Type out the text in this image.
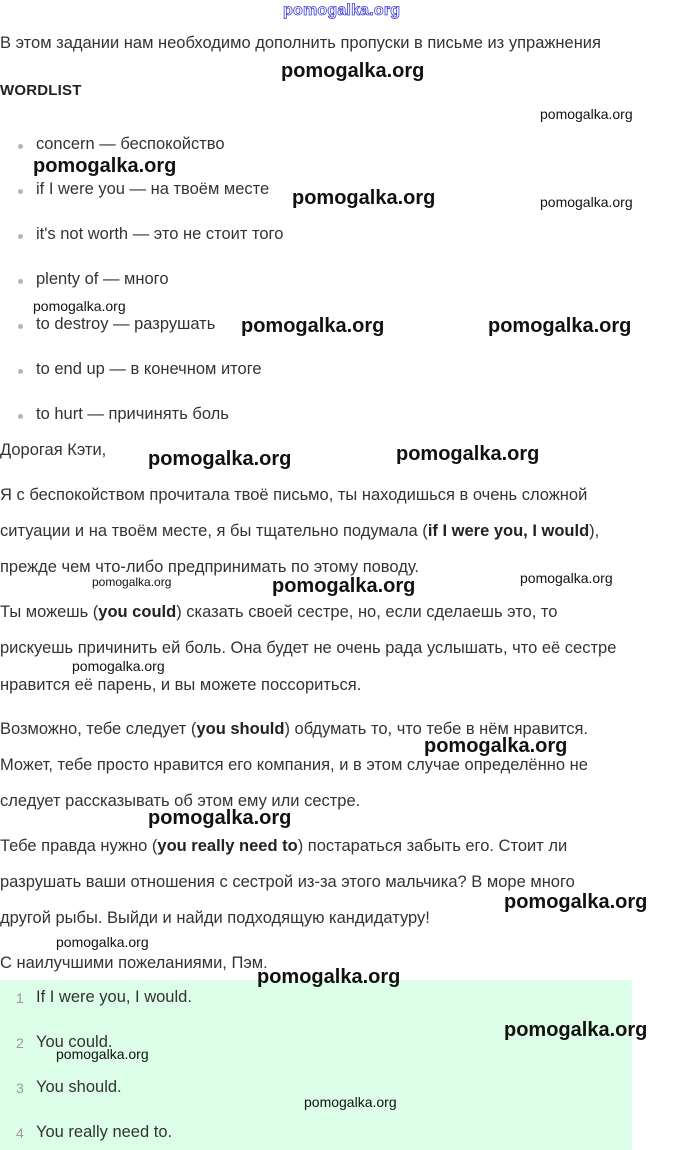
pomogalka.org
В этом задании нам необходимо дополнить пропуски в письме из упражнения
WORDLIST
concern — беспокойство
if I were you — на твоём месте
it's not worth — это не стоит того
plenty of — много
to destroy — разрушать
to end up — в конечном итоге
to hurt — причинять боль
Дорогая Кэти,
Я с беспокойством прочитала твоё письмо, ты находишься в очень сложной
ситуации и на твоём месте, я бы тщательно подумала (if I were you, I would),
прежде чем что-либо предпринимать по этому поводу.
Ты можешь (you could) сказать своей сестре, но, если сделаешь это, то
рискуешь причинить ей боль. Она будет не очень рада услышать, что её сестре
нравится её парень, и вы можете поссориться.
Возможно, тебе следует (you should) обдумать то, что тебе в нём нравится.
Может, тебе просто нравится его компания, и в этом случае определённо не
следует рассказывать об этом ему или сестре.
Тебе правда нужно (you really need to) постараться забыть его. Стоит ли
разрушать ваши отношения с сестрой из-за этого мальчика? В море много
другой рыбы. Выйди и найди подходящую кандидатуру!
С наилучшими пожеланиями, Пэм.
1 If I were you, I would.
2 You could.
3 You should.
4 You really need to.
pomogalka.org
pomogalka.org
pomogalka.org
pomogalka.org	pomogalka.org
pomogalka.org
pomogalka.org	pomogalka.org
pomogalka.org
pomogalka.org
pomogalka.org	pomogalka.org	pomogalka.org
pomogalka.org
pomogalka.org
pomogalka.org
pomogalka.org
pomogalka.org
pomogalka.org
pomogalka.org
pomogalka.org
pomogalka.org
